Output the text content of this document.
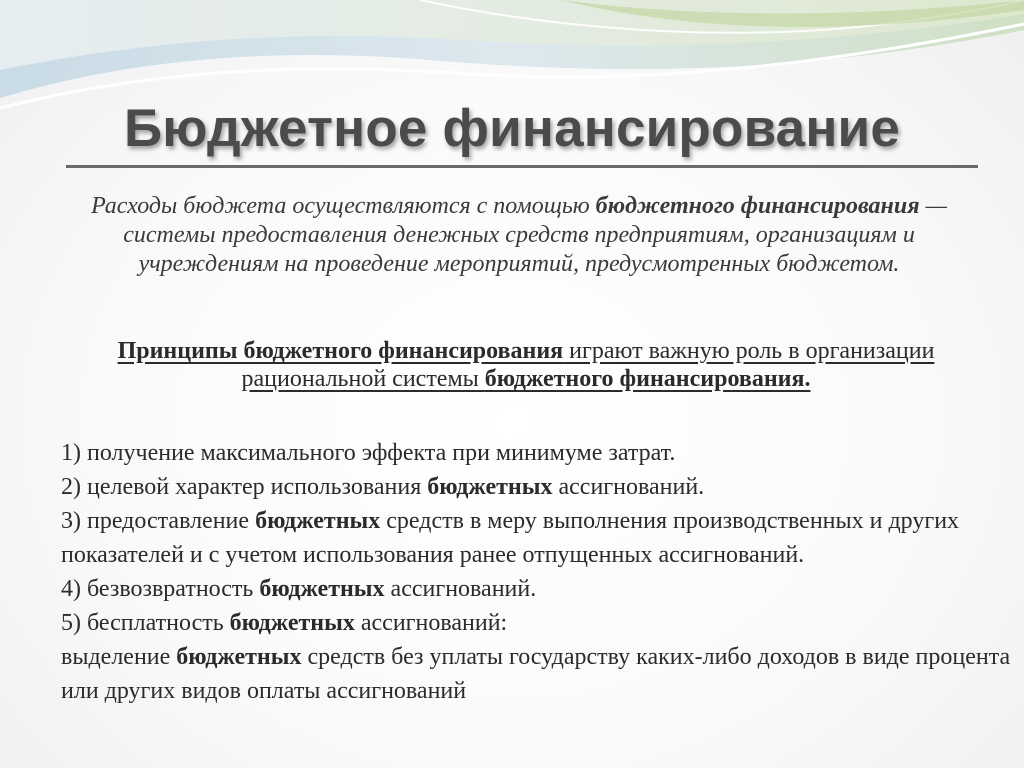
Бюджетное финансирование
Расходы бюджета осуществляются с помощью бюджетного финансирования — системы предоставления денежных средств предприятиям, организациям и учреждениям на проведение мероприятий, предусмотренных бюджетом.
Принципы бюджетного финансирования играют важную роль в организации рациональной системы бюджетного финансирования.

1) получение максимального эффекта при минимуме затрат.

2) целевой характер использования бюджетных ассигнований.

3) предоставление бюджетных средств в меру выполнения производственных и других показателей и с учетом использования ранее отпущенных ассигнований.

4) безвозвратность бюджетных ассигнований.

5) бесплатность бюджетных ассигнований:

выделение бюджетных средств без уплаты государству каких-либо доходов в виде процента или других видов оплаты ассигнований
